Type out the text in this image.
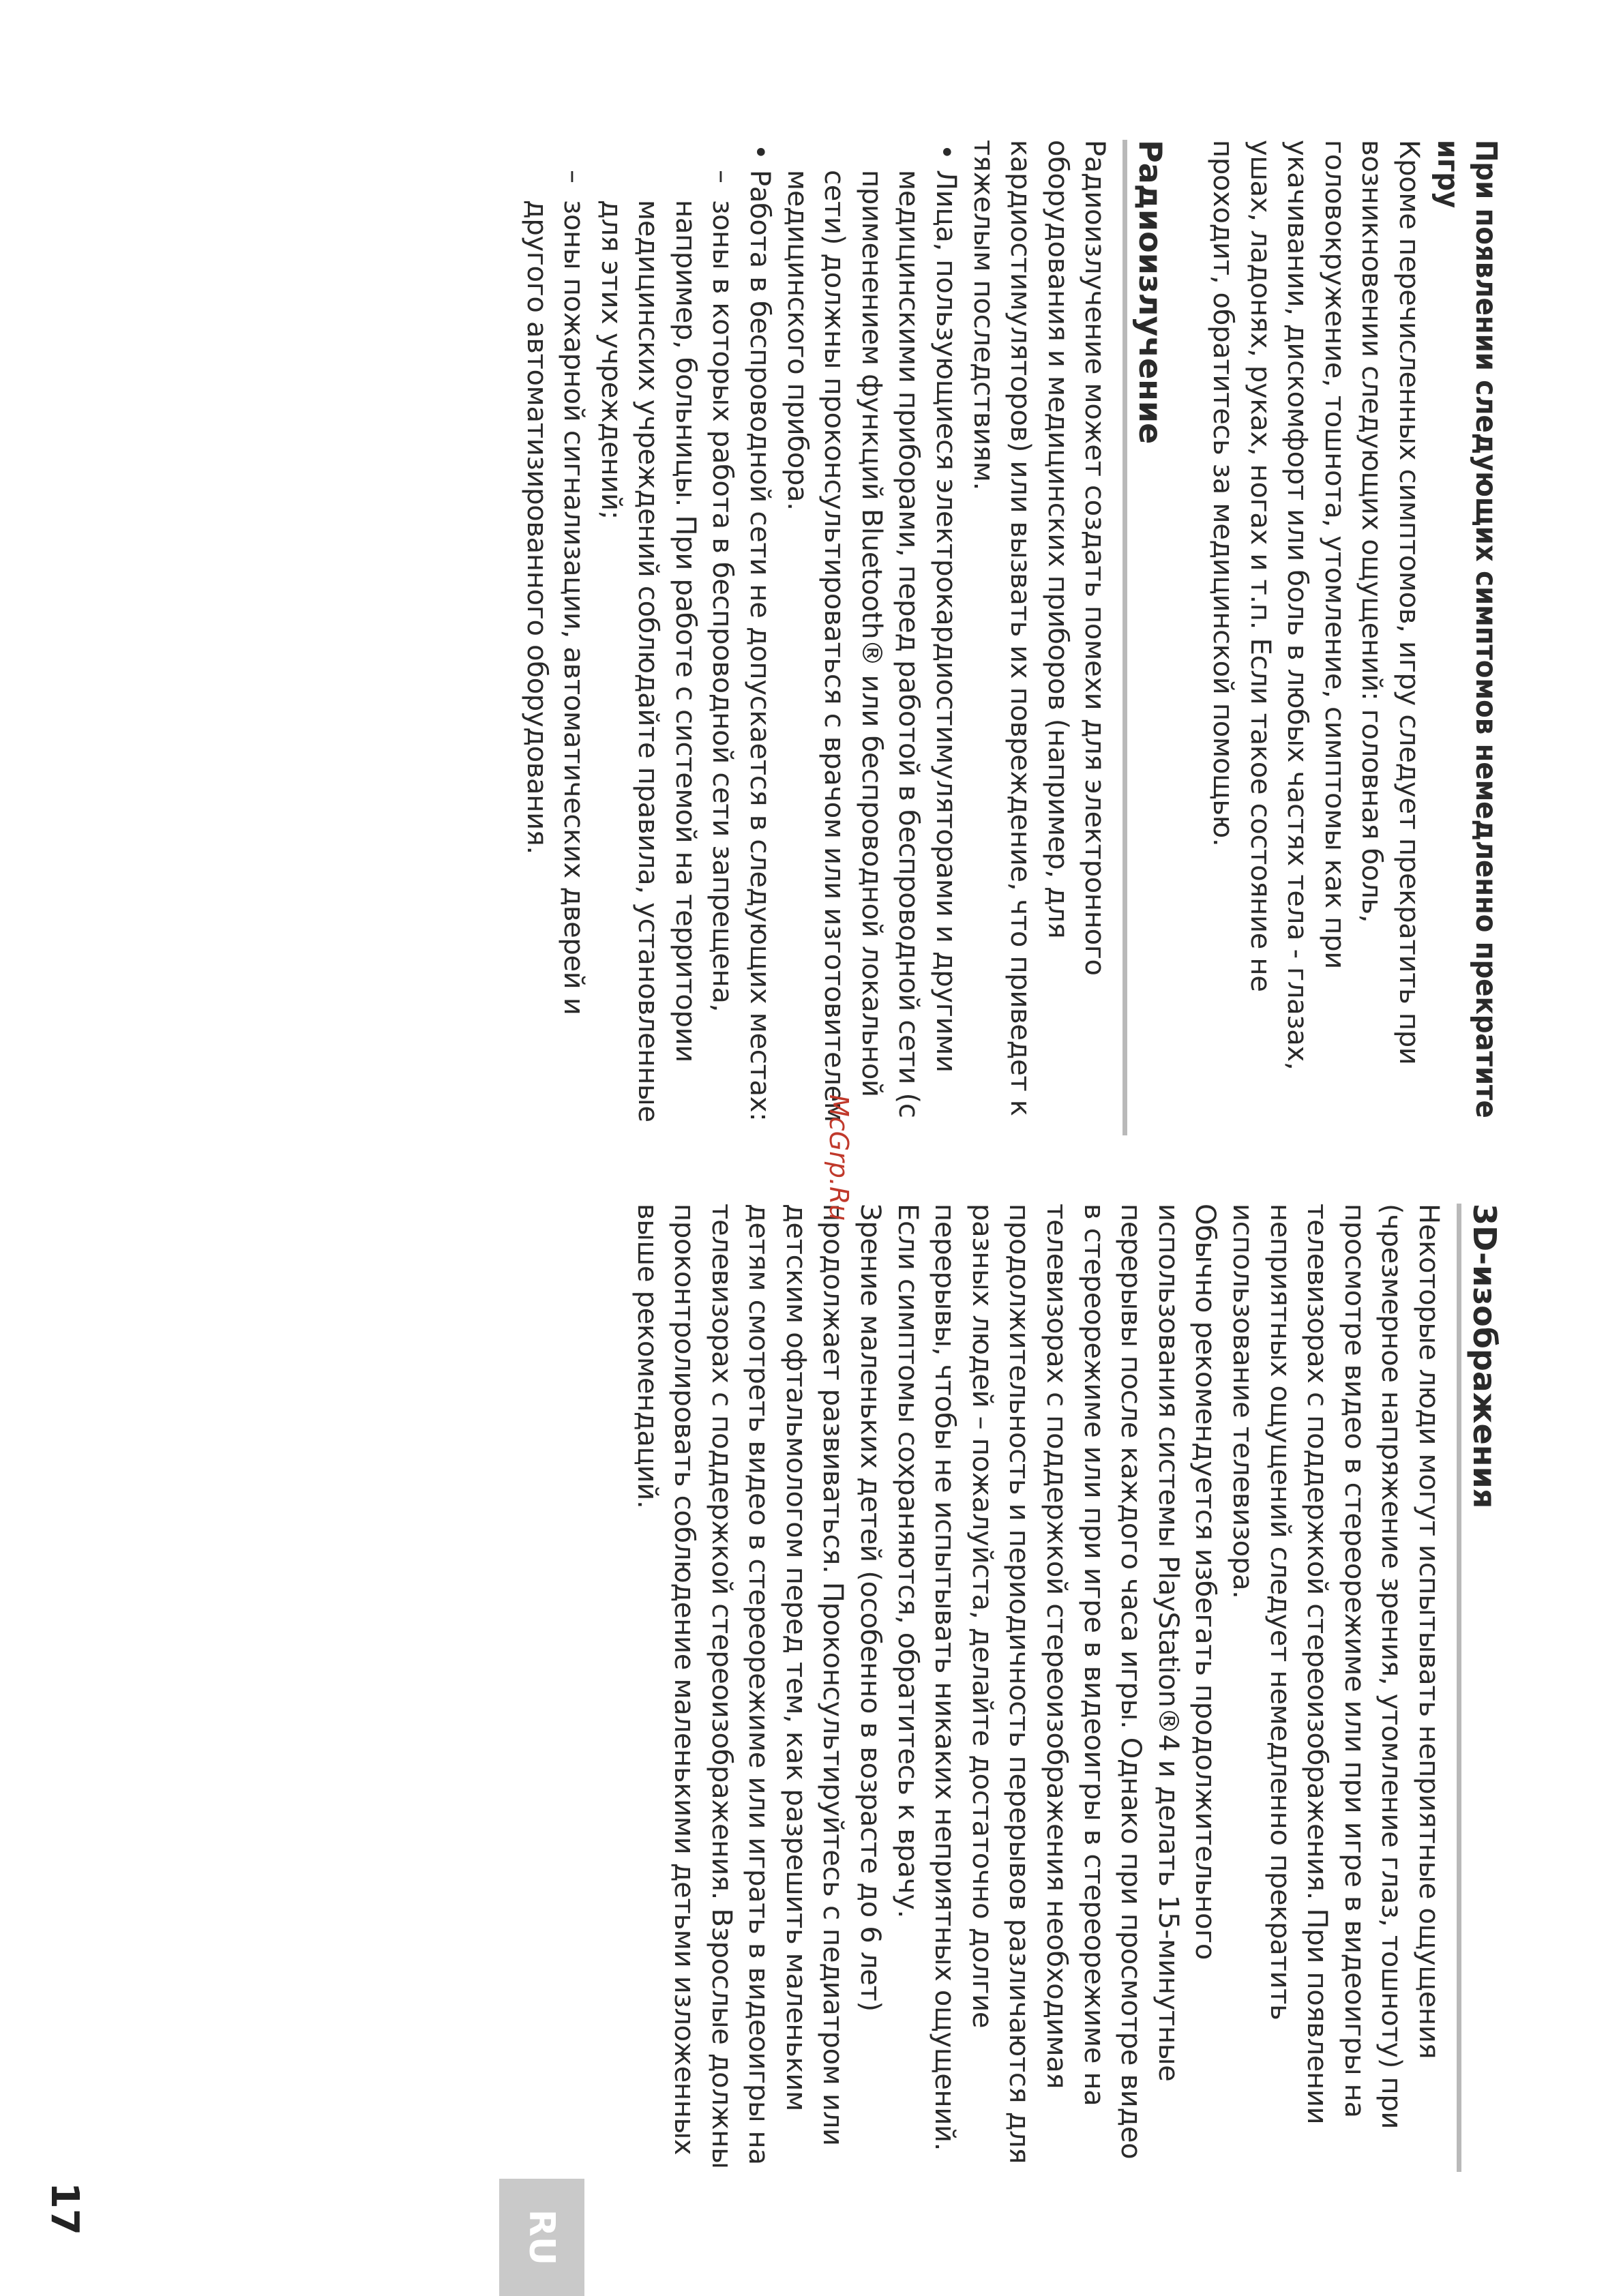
При появлении следующих симптомов немедленно прекратите игру

Кроме перечисленных симптомов, игру следует прекратить при возникновении следующих ощущений: головная боль, головокружение, тошнота, утомление, симптомы как при укачивании, дискомфорт или боль в любых частях тела - глазах, ушах, ладонях, руках, ногах и т.п. Если такое состояние не проходит, обратитесь за медицинской помощью.

Радиоизлучение

Радиоизлучение может создать помехи для электронного оборудования и медицинских приборов (например, для кардиостимуляторов) или вызвать их повреждение, что приведет к тяжелым последствиям.

• Лица, пользующиеся электрокардиостимуляторами и другими медицинскими приборами, перед работой в беспроводной сети (с применением функций Bluetooth® или беспроводной локальной сети) должны проконсультироваться с врачом или изготовителем медицинского прибора.
• Работа в беспроводной сети не допускается в следующих местах:
– зоны в которых работа в беспроводной сети запрещена, например, больницы. При работе с системой на территории медицинских учреждений соблюдайте правила, установленные для этих учреждений;
– зоны пожарной сигнализации, автоматических дверей и другого автоматизированного оборудования.
3D-изображения

Некоторые люди могут испытывать неприятные ощущения (чрезмерное напряжение зрения, утомление глаз, тошноту) при просмотре видео в стереорежиме или при игре в видеоигры на телевизорах с поддержкой стереоизображения. При появлении неприятных ощущений следует немедленно прекратить использование телевизора.

Обычно рекомендуется избегать продолжительного использования системы PlayStation®4 и делать 15-минутные перерывы после каждого часа игры. Однако при просмотре видео в стереорежиме или при игре в видеоигры в стереорежиме на телевизорах с поддержкой стереоизображения необходимая продолжительность и периодичность перерывов различаются для разных людей – пожалуйста, делайте достаточно долгие перерывы, чтобы не испытывать никаких неприятных ощущений. Если симптомы сохраняются, обратитесь к врачу.

Зрение маленьких детей (особенно в возрасте до 6 лет) продолжает развиваться. Проконсультируйтесь с педиатром или детским офтальмологом перед тем, как разрешить маленьким детям смотреть видео в стереорежиме или играть в видеоигры на телевизорах с поддержкой стереоизображения. Взрослые должны проконтролировать соблюдение маленькими детьми изложенных выше рекомендаций.

McGrp.Ru
RU
17
